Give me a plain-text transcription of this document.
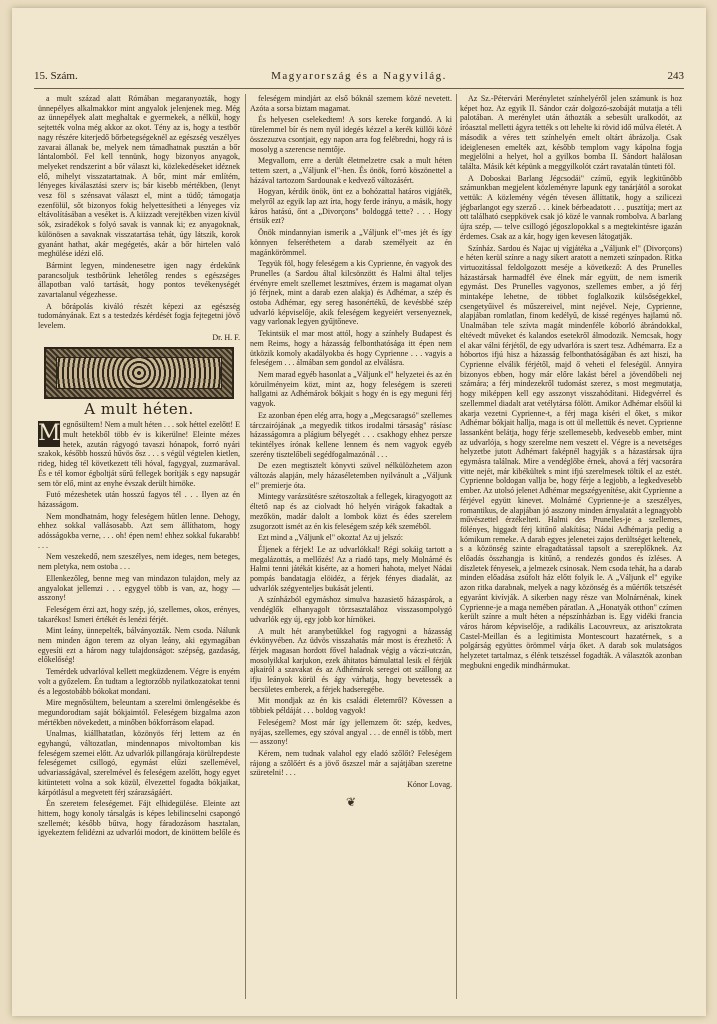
15. Szám.	Magyarország és a Nagyvilág.	243

a mult század alatt Rómában megaranyozták, hogy ünnepélyes alkalmakkor mint angyalok jelenjenek meg. Még az ünnepélyek alatt meghaltak e gyermekek, a nélkül, hogy sejtették volna még akkor az okot. Tény az is, hogy a testbőr nagy részére kiterjedő bőrbetegségeknél az egészség veszélyes zavarai állanak be, melyek nem támadhatnak pusztán a bőr lántalomból. Fel kell tennünk, hogy bizonyos anyagok, melyeket rendszerint a bőr választ ki, közlekedéseket idéznek elő, mihelyt visszatartatnak. A bőr, mint már említém, lényeges kiválasztási szerv is; bár kisebb mértékben, (lenyt vesz föl s szénsavat választ el, mint a tüdő; támogatja ezenfölül, sőt bizonyos fokig helyettesítheti a lényeges víz eltávolításában a veséket is. A kiizzadt verejtékben vizen kívül sók, zsiradékok s folyó savak is vannak ki; ez anyagoknak, különösen a savaknak visszatartása tehát, úgy látszik, korok gyanánt hathat, akár megégetés, akár a bőr hirtelen való meghülése idézi elő.

Bármint legyen, mindenesetre igen nagy érdekűnk parancsoljuk testbőrünk lehetőleg rendes s egészséges állapotban való tartását, hogy pontos tevékenységét zavartalanul végezhesse.

A bőrápolás kiváló részét képezi az egészség tudományának. Ezt s a testedzés kérdését fogja fejtegetni jövő levelem.

Dr. H. F.
A mult héten.

M egnősültem! Nem a mult héten . . . sok héttel ezelőtt! E mult hetekből több év is kikerülne! Eleinte mézes hetek, azután rágyogó tavaszi hónapok, forró nyári szakok, később hosszú hűvös ősz . . . s végül végtelen kietlen, rideg, hideg tél következett téli hóval, fagygyal, zuzmarával. És e tél komor égboltját sűrű fellegek borítják s egy napsugár sem tör elő, mint az enyhe évszak derült hirnöke.

Futó mézeshetek után hosszú fagyos tél . . . Ilyen az én házasságom.

Nem mondhatnám, hogy feleségem hűtlen lenne. Dehogy, ehhez sokkal vallásosabb. Azt sem állíthatom, hogy adósságokba verne, . . . oh! épen nem! ehhez sokkal fukarabb! . . .

Nem veszekedő, nem szeszélyes, nem ideges, nem beteges, nem pletyka, nem ostoba . . .

Ellenkezőleg, benne meg van mindazon tulajdon, mely az angyalokat jellemzi . . . egygyel több is van, az, hogy — asszony!

Feleségem érzi azt, hogy szép, jó, szellemes, okos, erényes, takarékos! Ismeri értékét és lenézi férjét.

Mint leány, ünnepelték, bálványozták. Nem csoda. Nálunk nem minden ágon terem az olyan leány, aki egymagában egyesíti ezt a három nagy tulajdonságot: szépség, gazdaság, előkelőség!

Temérdek udvarlóval kellett megküzdenem. Végre is enyém volt a győzelem. Én tudtam a legtorzóbb nyilatkozatokat tenni és a legostobább bókokat mondani.

Mire megnősültem, beleuntam a szerelmi ömlengésekbe és megundorodtam saját bókjaimtól. Feleségem bizgalma azon mértékben növekedett, a minőben bókforrásom elapad.

Unalmas, kiállhatatlan, közönyös férj lettem az én egyhangú, változatlan, mindennapos mivoltomban kis feleségem szemei előtt. Az udvarlók pillangóraja körülrepdeste feleségemet csillogó, egymást elűzi szellemével, udvariasságával, szerelmével és feleségem azelőtt, hogy egyet kitüntetett volna a sok közül, élvezettel fogadta bókjaikat, kárpótlásul a megvetett férj szárazságáért.

Én szeretem feleségemet. Fájt elhidegülése. Eleinte azt hittem, hogy konoly társalgás is képes lebilincselni csapongó szellemét; később bűtva, hogy fáradozásom hasztalan, igyekeztem felidézni az udvarlói modort, de kinöttem belőle és

feleségem mindjárt az első bóknál szemem közé nevetett. Azóta a sorsa biztam magamat.

És helyesen cselekedtem! A sors kereke forgandó. A ki türelemmel bír és nem nyúl idegés kézzel a kerék küllői közé összezuzva csontjait, egy napon arra fog felébredni, hogy rá is mosolyg a szerencse nemtője.

Megvallom, erre a derült életmelzetre csak a mult héten tettem szert, a „Váljunk el"-hen. És önök, forró köszönettel a házával tartozom Sardounak e kedvező változásért.

Hogyan, kérdik önök, önt ez a bohózattal határos vigjáték, melyről az egyik lap azt írta, hogy ferde irányu, a másik, hogy káros hatású, őnt a „Divorçons" boldoggá tette? . . . Hogy értsük ezt?

Önök mindannyian ismerik a „Váljunk el"-mes jét és így könnyen felseréthetem a darab személyeit az én magánkörömmel.

Tegyük föl, hogy feleségem a kis Cyprienne, én vagyok des Prunelles (a Sardou által kilcsönzött és Halmi által teljes érvényre emelt szellemet lesztmíves, érzem is magamat olyan jó férjnek, mint a darab ezen alakja) és Adhémar, a szép és ostoba Adhémar, egy sereg hasonértékű, de kevésbbé szép udvarló képviselője, akik feleségem kegyeiért versenyeznek, vagy varlonak legyen gyűjtőneve.

Tekintsük el mar most attól, hogy a színhely Budapest és nem Reims, hogy a házasság felbonthatósága itt épen nem ütközik komoly akadályokba és hogy Cyprienne . . . vagyis a feleségem . . . álmában sem gondol az elválásra.

Nem marad egyéb hasonlat a „Váljunk el" helyzetei és az én köruilményeim közt, mint az, hogy feleségem is szereti hallgatni az Adhémárok bókjait s hogy én is egy meguni férj vagyok.

Ez azonban épen elég arra, hogy a „Megcsaragsó" szellemes tárczairójának „a megyedik titkos irodalmi társaság" rásíasc házasságomra a plágium bélyegét . . . csakhogy ehhez persze tekintélyes írónak kellene lennem és nem vagyok egyéb szerény tisztelőbeli segédfogalmazónál . . .

De ezen megtisztelt könyvti szüvel nélkülözhetem azon változás alapján, mely házaséletemben nyilvánult a „Váljunk el" premierje óta.

Mintegy varázsütésre szétoszoltak a fellegek, kiragyogott az éltető nap és az ciolvadt hó helyén virágok fakadtak a mezőkön, madár dalolt a lombok közt és édes szerelem zsugorzott ismét az én kis feleségem szép kék szeméből.

Ezt mind a „Váljunk el" okozta! Az uj jelszó:

Éljenek a férjek! Le az udvarlókkal! Régi sokáig tartott a megalázottás, a mellőzés! Az a riadó taps, mely Molnárné és Halmi tenni játékát kisérte, az a homeri hahota, melyet Nádai pompás bandatagja elöidéz, a férjek fényes diadalát, az udvarlók szégyenteljes bukását jelenti.

A színházból egymáshoz simulva hazasiető házaspárok, a vendéglők elhanyagolt törzsasztalához visszasompolygó udvarlók egy új, egy jobb kor hírnökei.

A mult hét aranybetűkkel fog ragyogni a házasság évkönyvében. Az üdvös visszahatás már most is érezhető: A férjek magasan hordott fővel haladnak végig a váczi-utczán, mosolyikkal karjukon, ezek áhitatos bámulattal lesik el férjük ajkairól a szavakat és az Adhémárok seregei ott szállong az ifju leányok körül és ágy várhatja, hogy bevetessék a becsületes emberek, a férjek hadseregébe.

Mit mondjak az én kis családi életemről? Kövessen a többiek példáját . . . boldog vagyok!

Feleségem? Most már így jellemzem őt: szép, kedves, nyájas, szellemes, egy szóval angyal . . . de ennél is több, mert — asszony!

Kérem, nem tudnak valahol egy eladó szőlőt? Feleségem rájong a szőlőért és a jövő őszszel már a sajátjában szeretne szüretelni! . . .

Kónor Lovag.
❦

Az Sz.-Pétervári Merényletet színhelyéről jelen számunk is hoz képet hoz. Az egyik II. Sándor czár dolgozó-szobáját mutatja a téli palotában. A merénylet után áthozták a sebesült uralkodót, az íróasztal melletti ágyra tették s ott lehelte ki rövid idő múlva életét. A második a véres tett színhelyén emelt oltárt ábrázolja. Csak ideiglenesen emelték azt, később templom vagy kápolna fogja megjelölni a helyet, hol a gyilkos bomba II. Sándort halálosan találta. Másik két képünk a meggyilkolót czárt ravatalán tünteti föl.

A Doboskai Barlang Jégcsodái" czímű, egyik legkitűnőbb számunkban megjelent közleményre lapunk egy tanárjától a sorokat vettük: A közlemény végén tévesen állíttatik, hogy a szilicezi jégbarlangot egy szerző . . . kinek bérbeadatott . . . pusztítja; mert az ott található cseppkövek csak jó közé le vannak rombolva. A barlang újra szép, — telve csillogó jégoszlopokkal s a megtekintésre igazán érdemes. Csak az a kár, hogy igen kevesen látogatják.

Színház. Sardou és Najac uj vígjátéka a „Váljunk el" (Divorçons) e héten kerül színre a nagy sikert aratott a nemzeti színpadon. Ritka virtuozitással feldolgozott meséje a következő: A des Prunelles házastársak harmadfél éve élnek már együtt, de nem ismerik egymást. Des Prunelles vagyonos, szellemes ember, a jó férj mintaképe lehetne, de többet foglalkozik külsőségekkel, csengetyűivel és műszereivel, mint nejével. Neje, Cyprienne, alapjában romlatlan, finom kedélyű, de kissé regényes hajlamú nő. Unalmában tele szívta magát mindenféle kóborló ábrándokkal, eltévedt műveket és kalandos esetekről álmodozik. Nemcsak, hogy el akar válni férjétől, de egy udvarlóra is szert tesz. Adhémarra. Ez a hóbortos ifjú hisz a házasság felbonthatóságában és azt hiszi, ha Cyprienne elválik férjétől, majd ő veheti el feleségül. Annyira bizonyos ebben, hogy már előre lakást bérel a jövendőbeli nej számára; a férj mindezekről tudomást szerez, s most megmutatja, hogy miképpen kell egy asszonyt visszahódítani. Hidegvérrel és szellemmel diadalt arat vetélytársa fölött. Amikor Adhémar elsőül ki akarja vezetni Cyprienne-t, a férj maga kíséri el őket, s mikor Adhémar bókjait hallja, maga is ott ül mellettük és nevet. Cyprienne lassanként belátja, hogy férje szellemesebb, kedvesebb ember, mint az udvarlója, s hogy szerelme nem veszett el. Végre is a nevetséges helyzetbe jutott Adhémart faképnél hagyják s a házastársak újra egymásra találnak. Mire a vendéglőbe érnek, ahová a férj vacsorára vitte nejét, már kibékültek s mint ifjú szerelmesek töltik el az estét. Cyprienne boldogan vallja be, hogy férje a legjobb, a legkedvesebb ember. Az utolsó jelenet Adhémar megszégyenítése, akit Cyprienne a férjével együtt kinevet. Molnárné Cyprienne-je a szeszélyes, romantikus, de alapjában jó asszony minden árnyalatát a legnagyobb művészettel érzékelteti. Halmi des Prunelles-je a szellemes, fölényes, higgadt férj kitűnő alakítása; Nádai Adhémarja pedig a kómikum remeke. A darab egyes jelenetei zajos derültséget keltenek, s a közönség szinte elragadtatással tapsolt a szereplőknek. Az előadás összhangja is kitűnő, a rendezés gondos és ízléses. A díszletek fényesek, a jelmezek csinosak. Nem csoda tehát, ha a darab minden előadása zsúfolt ház előtt folyik le. A „Váljunk el" egyike azon ritka darabnak, melyek a nagy közönség és a műértők tetszését egyaránt kivívják. A sikerben nagy része van Molnárnénak, kinek Cyprienne-je a maga nemében páratlan. A „Honatyák otthon" czímen került színre a mult héten a népszínházban is. Egy vidéki francia város három képviselője, a radikális Lacouvreux, az arisztokrata Castel-Meillan és a legitimista Montescourt hazatérnek, s a polgárság együttes örömmel várja őket. A darab sok mulatságos helyzetet tartalmaz, s élénk tetszéssel fogadták. A választók azonban megbukni engedik mindhármukat.
